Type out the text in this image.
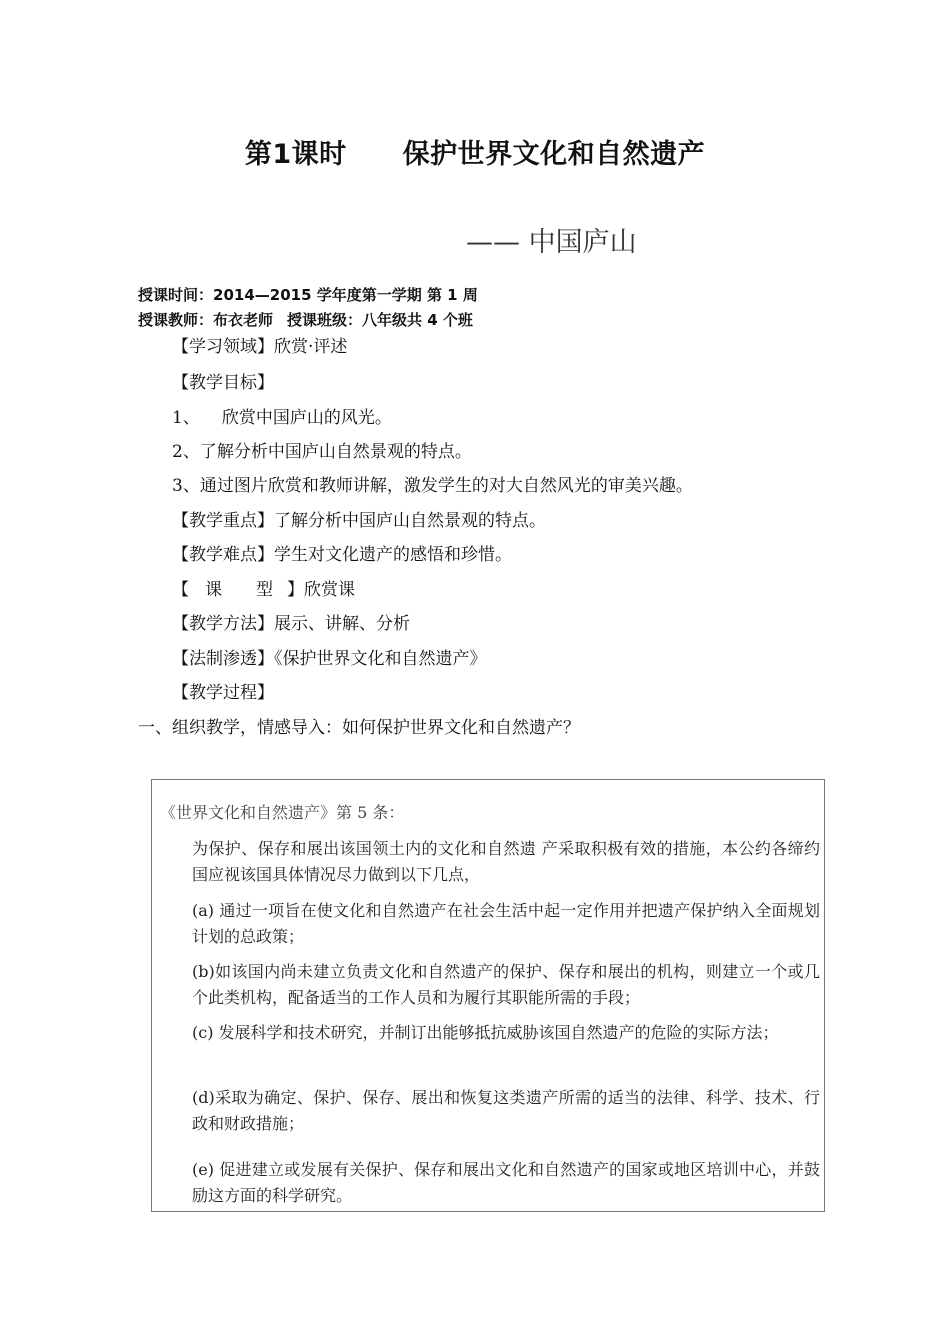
第1课时 保护世界文化和自然遗产
—— 中国庐山
授课时间：2014—2015 学年度第一学期 第 1 周
授课教师：布衣老师 授课班级：八年级共 4 个班
【学习领域】欣赏·评述
【教学目标】
1、 欣赏中国庐山的风光。
2、了解分析中国庐山自然景观的特点。
3、通过图片欣赏和教师讲解，激发学生的对大自然风光的审美兴趣。
【教学重点】了解分析中国庐山自然景观的特点。
【教学难点】学生对文化遗产的感悟和珍惜。
【 课 型 】欣赏课
【教学方法】展示、讲解、分析
【法制渗透】《保护世界文化和自然遗产》
【教学过程】
一、组织教学，情感导入：如何保护世界文化和自然遗产？
《世界文化和自然遗产》第 5 条：
为保护、保存和展出该国领土内的文化和自然遗 产采取积极有效的措施，本公约各缔约国应视该国具体情况尽力做到以下几点，
(a) 通过一项旨在使文化和自然遗产在社会生活中起一定作用并把遗产保护纳入全面规划计划的总政策；
(b)如该国内尚未建立负责文化和自然遗产的保护、保存和展出的机构，则建立一个或几个此类机构，配备适当的工作人员和为履行其职能所需的手段；
(c) 发展科学和技术研究，并制订出能够抵抗威胁该国自然遗产的危险的实际方法；
(d)采取为确定、保护、保存、展出和恢复这类遗产所需的适当的法律、科学、技术、行政和财政措施；
(e) 促进建立或发展有关保护、保存和展出文化和自然遗产的国家或地区培训中心，并鼓励这方面的科学研究。
